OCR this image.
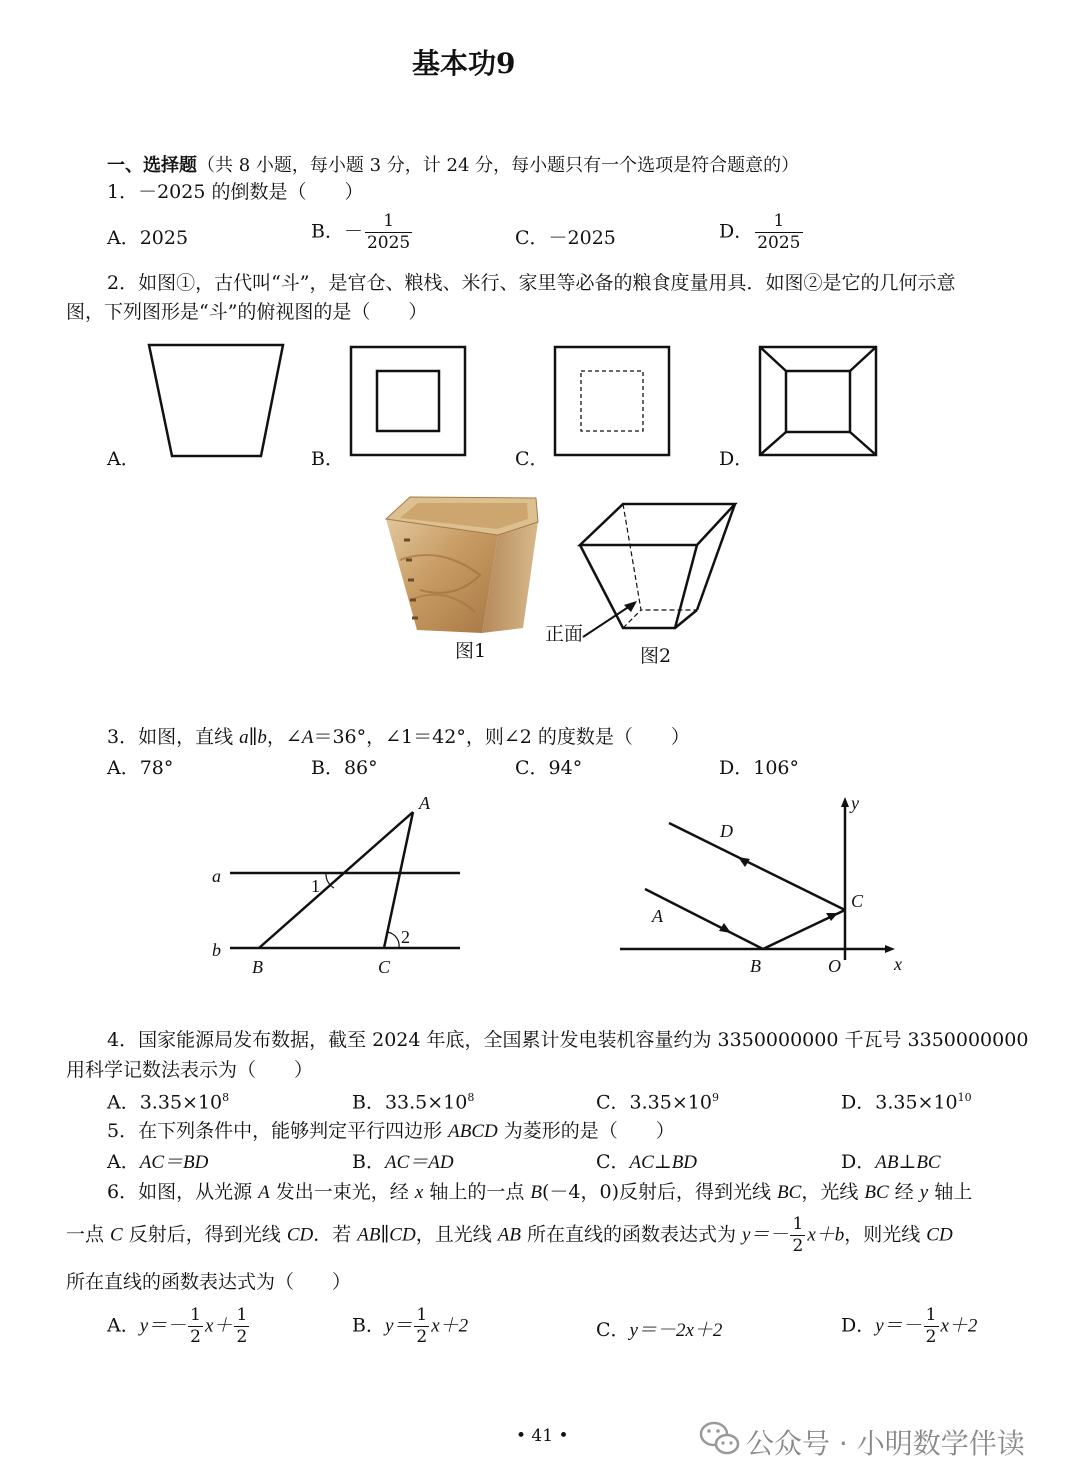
基本功9
一、选择题（共 8 小题，每小题 3 分，计 24 分，每小题只有一个选项是符合题意的）
1．－2025 的倒数是（　　）
A．2025	B．－ $\frac{1}{2025}$	C．－2025	D． $\frac{1}{2025}$
2．如图①，古代叫“斗”，是官仓、粮栈、米行、家里等必备的粮食度量用具．如图②是它的几何示意
图，下列图形是“斗”的俯视图的是（　　）
A．	B．	C．	D．
图1
正面
图2
3．如图，直线 a∥b，∠A＝36°，∠1＝42°，则∠2 的度数是（　　）
A．78°	B．86°	C．94°	D．106°
A
a
b
B	C
1
2
y
D
C
A
B	O	x
4．国家能源局发布数据，截至 2024 年底，全国累计发电装机容量约为 3350000000 千瓦号 3350000000
用科学记数法表示为（　　）
A．$3.35\times 10^8$	B．$33.5\times 10^8$	C．$3.35\times 10^9$	D．$3.35\times 10^{10}$
5．在下列条件中，能够判定平行四边形 ABCD 为菱形的是（　　）
A．AC＝BD	B．AC＝AD	C．AC⊥BD	D．AB⊥BC
6．如图，从光源 A 发出一束光，经 x 轴上的一点 B(－4，0)反射后，得到光线 BC，光线 BC 经 y 轴上
一点 C 反射后，得到光线 CD．若 AB∥CD，且光线 AB 所在直线的函数表达式为 $y=- \frac{1}{2} x+b$，则光线 CD
所在直线的函数表达式为（　　）
A．$y=- \frac{1}{2} x+ \frac{1}{2}$	B．$y= \frac{1}{2} x+2$	C．y＝－2x＋2	D．$y=- \frac{1}{2} x+2$
• 41 •	公众号 · 小明数学伴读
